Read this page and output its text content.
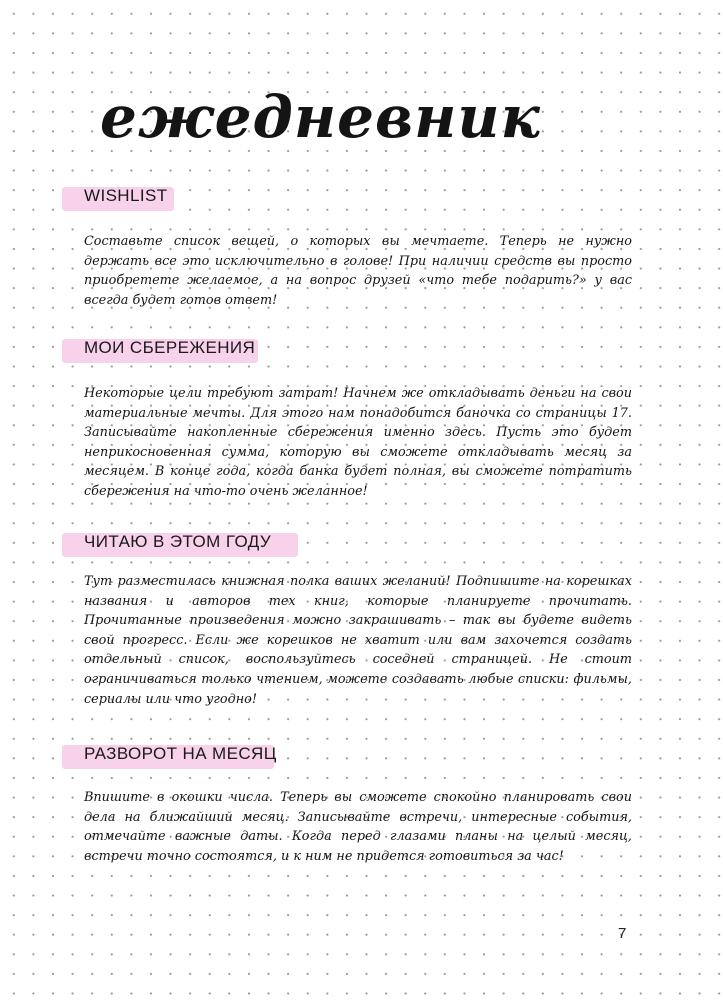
ежедневник
WISHLIST

Составьте список вещей, о которых вы мечтаете. Теперь не нужно держать все это исключительно в голове! При наличии средств вы просто приобретете желаемое, а на вопрос друзей «что тебе подарить?» у вас всегда будет готов ответ!

МОИ СБЕРЕЖЕНИЯ

Некоторые цели требуют затрат! Начнем же откладывать деньги на свои материальные мечты. Для этого нам понадобится баночка со страницы 17. Записывайте накопленные сбережения именно здесь. Пусть это будет неприкосновенная сумма, которую вы сможете откладывать месяц за месяцем. В конце года, когда банка будет полная, вы сможете потратить сбережения на что-то очень желанное!

ЧИТАЮ В ЭТОМ ГОДУ

Тут разместилась книжная полка ваших желаний! Подпишите на корешках названия и авторов тех книг, которые планируете прочитать. Прочитанные произведения можно закрашивать – так вы будете видеть свой прогресс. Если же корешков не хватит или вам захочется создать отдельный список, воспользуйтесь соседней страницей. Не стоит ограничиваться только чтением, можете создавать любые списки: фильмы, сериалы или что угодно!

РАЗВОРОТ НА МЕСЯЦ

Впишите в окошки числа. Теперь вы сможете спокойно планировать свои дела на ближайший месяц. Записывайте встречи, интересные события, отмечайте важные даты. Когда перед глазами планы на целый месяц, встречи точно состоятся, и к ним не придется готовиться за час!

7
